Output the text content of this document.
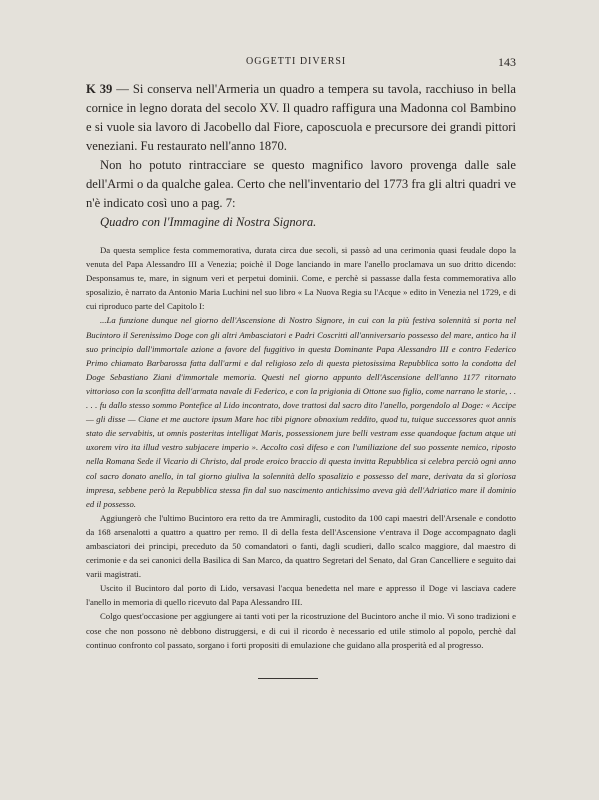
OGGETTI DIVERSI	143

K 39 — Si conserva nell'Armeria un quadro a tempera su tavola, racchiuso in bella cornice in legno dorata del secolo XV. Il quadro raffigura una Madonna col Bambino e si vuole sia lavoro di Jacobello dal Fiore, caposcuola e precursore dei grandi pittori veneziani. Fu restaurato nell'anno 1870.

Non ho potuto rintracciare se questo magnifico lavoro provenga dalle sale dell'Armi o da qualche galea. Certo che nell'inventario del 1773 fra gli altri quadri ve n'è indicato così uno a pag. 7:

Quadro con l'Immagine di Nostra Signora.

Da questa semplice festa commemorativa, durata circa due secoli, si passò ad una cerimonia quasi feudale dopo la venuta del Papa Alessandro III a Venezia; poichè il Doge lanciando in mare l'anello proclamava un suo dritto dicendo: Desponsamus te, mare, in signum veri et perpetui dominii. Come, e perchè si passasse dalla festa commemorativa allo sposalizio, è narrato da Antonio Maria Luchini nel suo libro « La Nuova Regia su l'Acque » edito in Venezia nel 1729, e di cui riproduco parte del Capitolo I:

...La funzione dunque nel giorno dell'Ascensione di Nostro Signore, in cui con la più festiva solennità si porta nel Bucintoro il Serenissimo Doge con gli altri Ambasciatori e Padri Coscritti all'anniversario possesso del mare, antico ha il suo principio dall'immortale azione a favore del fuggitivo in questa Dominante Papa Alessandro III e contro Federico Primo chiamato Barbarossa fatta dall'armi e dal religioso zelo di questa pietosissima Repubblica sotto la condotta del Doge Sebastiano Ziani d'immortale memoria. Questi nel giorno appunto dell'Ascensione dell'anno 1177 ritornato vittorioso con la sconfitta dell'armata navale di Federico, e con la prigionia di Ottone suo figlio, come narrano le storie, . . . . . fu dallo stesso sommo Pontefice al Lido incontrato, dove trattosi dal sacro dito l'anello, porgendolo al Doge: « Accipe — gli disse — Ciane et me auctore ipsum Mare hoc tibi pignore obnoxium reddito, quod tu, tuique successores quot annis stato die servabitis, ut omnis posteritas intelligat Maris, possessionem jure belli vestram esse quandoque factum atque uti uxorem viro ita illud vestro subjacere imperio ». Accolto così difeso e con l'umiliazione del suo possente nemico, riposto nella Romana Sede il Vicario di Christo, dal prode eroico braccio di questa invitta Repubblica si celebra perciò ogni anno col sacro donato anello, in tal giorno giuliva la solennità dello sposalizio e possesso del mare, derivata da sì gloriosa impresa, sebbene però la Repubblica stessa fin dal suo nascimento antichissimo aveva già dell'Adriatico mare il dominio ed il possesso.

Aggiungerò che l'ultimo Bucintoro era retto da tre Ammiragli, custodito da 100 capi maestri dell'Arsenale e condotto da 168 arsenalotti a quattro a quattro per remo. Il dì della festa dell'Ascensione v'entrava il Doge accompagnato dagli ambasciatori dei principi, preceduto da 50 comandatori o fanti, dagli scudieri, dallo scalco maggiore, dal maestro di cerimonie e da sei canonici della Basilica di San Marco, da quattro Segretari del Senato, dal Gran Cancelliere e seguito dai varii magistrati.

Uscito il Bucintoro dal porto di Lido, versavasi l'acqua benedetta nel mare e appresso il Doge vi lasciava cadere l'anello in memoria di quello ricevuto dal Papa Alessandro III.

Colgo quest'occasione per aggiungere ai tanti voti per la ricostruzione del Bucintoro anche il mio. Vi sono tradizioni e cose che non possono nè debbono distruggersi, e di cui il ricordo è necessario ed utile stimolo al popolo, perchè dal continuo confronto col passato, sorgano i forti propositi di emulazione che guidano alla prosperità ed al progresso.
